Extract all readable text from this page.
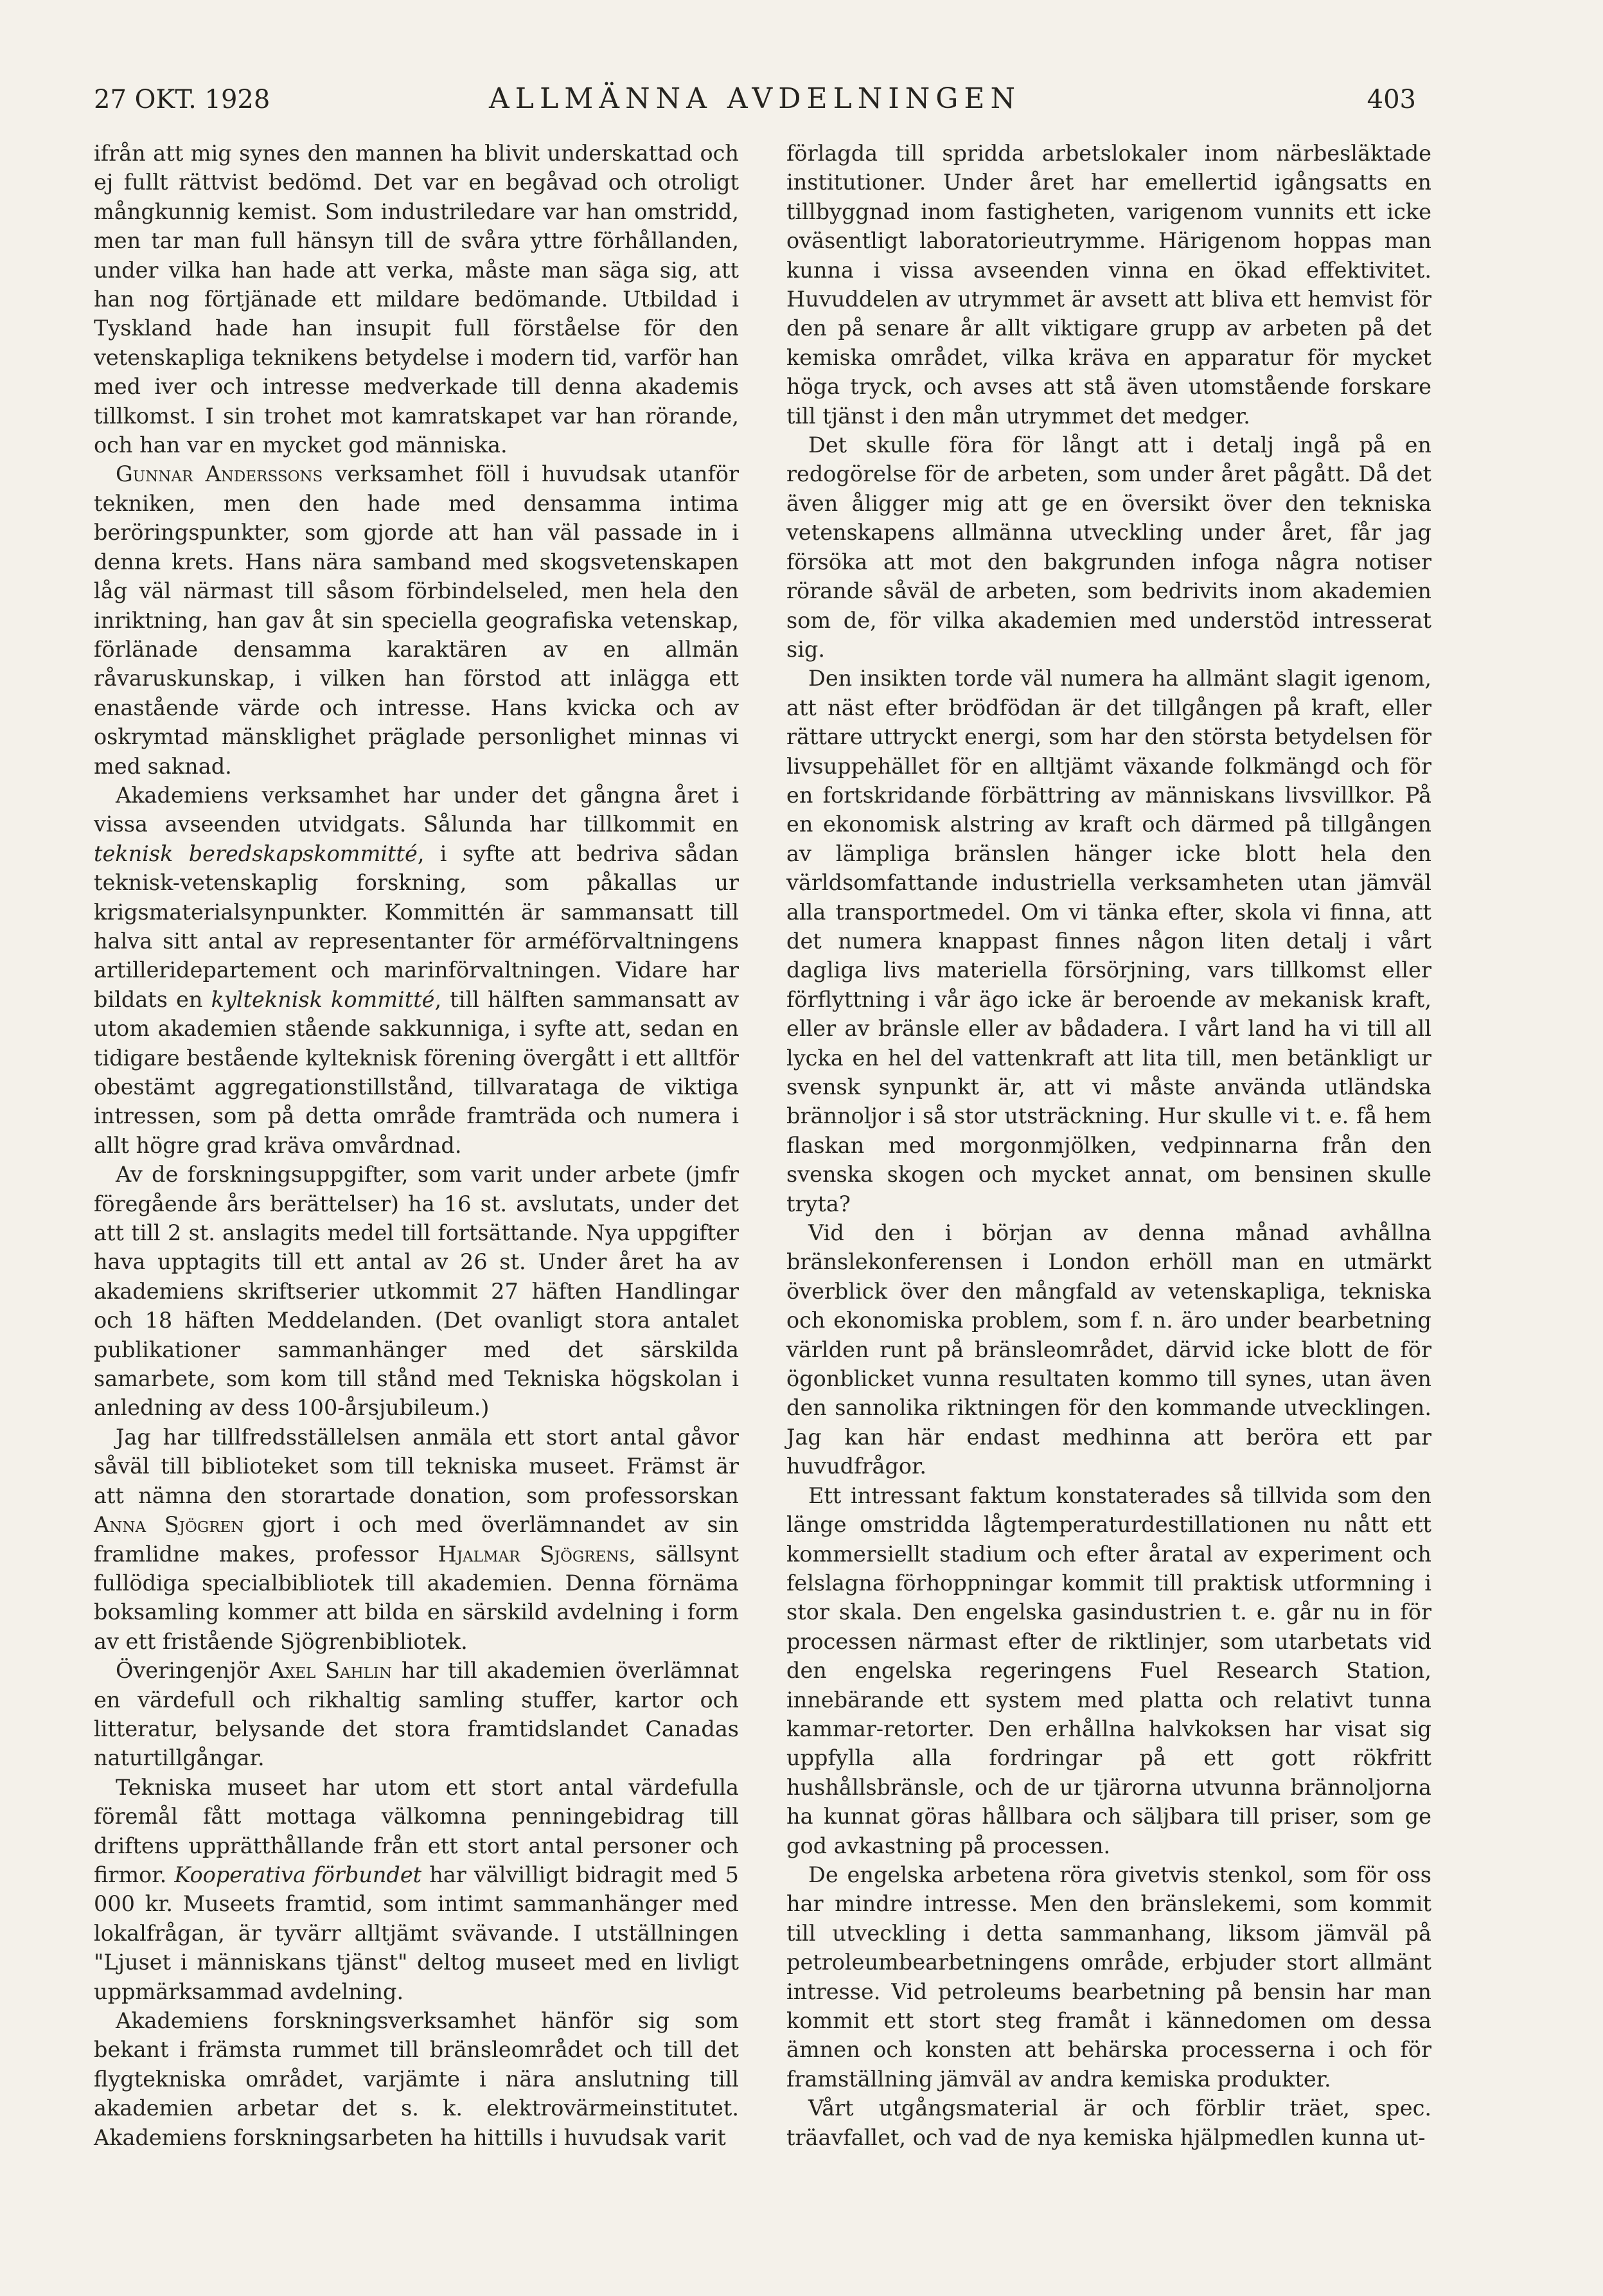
27 OKT. 1928	ALLMÄNNA AVDELNINGEN	403

ifrån att mig synes den mannen ha blivit underskattad och ej fullt rättvist bedömd. Det var en begåvad och otroligt mångkunnig kemist. Som industriledare var han omstridd, men tar man full hänsyn till de svåra yttre förhållanden, under vilka han hade att verka, måste man säga sig, att han nog förtjänade ett mildare bedömande. Utbildad i Tyskland hade han insupit full förståelse för den vetenskapliga teknikens betydelse i modern tid, varför han med iver och intresse medverkade till denna akademis tillkomst. I sin trohet mot kamratskapet var han rörande, och han var en mycket god människa.

Gunnar Anderssons verksamhet föll i huvudsak utanför tekniken, men den hade med densamma intima beröringspunkter, som gjorde att han väl passade in i denna krets. Hans nära samband med skogsvetenskapen låg väl närmast till såsom förbindelseled, men hela den inriktning, han gav åt sin speciella geografiska vetenskap, förlänade densamma karaktären av en allmän råvaruskunskap, i vilken han förstod att inlägga ett enastående värde och intresse. Hans kvicka och av oskrymtad mänsklighet präglade personlighet minnas vi med saknad.

Akademiens verksamhet har under det gångna året i vissa avseenden utvidgats. Sålunda har tillkommit en teknisk beredskapskommitté, i syfte att bedriva sådan teknisk-vetenskaplig forskning, som påkallas ur krigsmaterialsynpunkter. Kommittén är sammansatt till halva sitt antal av representanter för arméförvaltningens artilleridepartement och marinförvaltningen. Vidare har bildats en kylteknisk kommitté, till hälften sammansatt av utom akademien stående sakkunniga, i syfte att, sedan en tidigare bestående kylteknisk förening övergått i ett alltför obestämt aggregationstillstånd, tillvarataga de viktiga intressen, som på detta område framträda och numera i allt högre grad kräva omvårdnad.

Av de forskningsuppgifter, som varit under arbete (jmfr föregående års berättelser) ha 16 st. avslutats, under det att till 2 st. anslagits medel till fortsättande. Nya uppgifter hava upptagits till ett antal av 26 st. Under året ha av akademiens skriftserier utkommit 27 häften Handlingar och 18 häften Meddelanden. (Det ovanligt stora antalet publikationer sammanhänger med det särskilda samarbete, som kom till stånd med Tekniska högskolan i anledning av dess 100-årsjubileum.)

Jag har tillfredsställelsen anmäla ett stort antal gåvor såväl till biblioteket som till tekniska museet. Främst är att nämna den storartade donation, som professorskan Anna Sjögren gjort i och med överlämnandet av sin framlidne makes, professor Hjalmar Sjögrens, sällsynt fullödiga specialbibliotek till akademien. Denna förnäma boksamling kommer att bilda en särskild avdelning i form av ett fristående Sjögrenbibliotek.

Överingenjör Axel Sahlin har till akademien överlämnat en värdefull och rikhaltig samling stuffer, kartor och litteratur, belysande det stora framtidslandet Canadas naturtillgångar.

Tekniska museet har utom ett stort antal värdefulla föremål fått mottaga välkomna penningebidrag till driftens upprätthållande från ett stort antal personer och firmor. Kooperativa förbundet har välvilligt bidragit med 5 000 kr. Museets framtid, som intimt sammanhänger med lokalfrågan, är tyvärr alltjämt svävande. I utställningen "Ljuset i människans tjänst" deltog museet med en livligt uppmärksammad avdelning.

Akademiens forskningsverksamhet hänför sig som bekant i främsta rummet till bränsleområdet och till det flygtekniska området, varjämte i nära anslutning till akademien arbetar det s. k. elektrovärmeinstitutet. Akademiens forskningsarbeten ha hittills i huvudsak varit

förlagda till spridda arbetslokaler inom närbesläktade institutioner. Under året har emellertid igångsatts en tillbyggnad inom fastigheten, varigenom vunnits ett icke oväsentligt laboratorieutrymme. Härigenom hoppas man kunna i vissa avseenden vinna en ökad effektivitet. Huvuddelen av utrymmet är avsett att bliva ett hemvist för den på senare år allt viktigare grupp av arbeten på det kemiska området, vilka kräva en apparatur för mycket höga tryck, och avses att stå även utomstående forskare till tjänst i den mån utrymmet det medger.

Det skulle föra för långt att i detalj ingå på en redogörelse för de arbeten, som under året pågått. Då det även åligger mig att ge en översikt över den tekniska vetenskapens allmänna utveckling under året, får jag försöka att mot den bakgrunden infoga några notiser rörande såväl de arbeten, som bedrivits inom akademien som de, för vilka akademien med understöd intresserat sig.

Den insikten torde väl numera ha allmänt slagit igenom, att näst efter brödfödan är det tillgången på kraft, eller rättare uttryckt energi, som har den största betydelsen för livsuppehället för en alltjämt växande folkmängd och för en fortskridande förbättring av människans livsvillkor. På en ekonomisk alstring av kraft och därmed på tillgången av lämpliga bränslen hänger icke blott hela den världsomfattande industriella verksamheten utan jämväl alla transportmedel. Om vi tänka efter, skola vi finna, att det numera knappast finnes någon liten detalj i vårt dagliga livs materiella försörjning, vars tillkomst eller förflyttning i vår ägo icke är beroende av mekanisk kraft, eller av bränsle eller av bådadera. I vårt land ha vi till all lycka en hel del vattenkraft att lita till, men betänkligt ur svensk synpunkt är, att vi måste använda utländska brännoljor i så stor utsträckning. Hur skulle vi t. e. få hem flaskan med morgonmjölken, vedpinnarna från den svenska skogen och mycket annat, om bensinen skulle tryta?

Vid den i början av denna månad avhållna bränslekonferensen i London erhöll man en utmärkt överblick över den mångfald av vetenskapliga, tekniska och ekonomiska problem, som f. n. äro under bearbetning världen runt på bränsleområdet, därvid icke blott de för ögonblicket vunna resultaten kommo till synes, utan även den sannolika riktningen för den kommande utvecklingen. Jag kan här endast medhinna att beröra ett par huvudfrågor.

Ett intressant faktum konstaterades så tillvida som den länge omstridda lågtemperaturdestillationen nu nått ett kommersiellt stadium och efter åratal av experiment och felslagna förhoppningar kommit till praktisk utformning i stor skala. Den engelska gasindustrien t. e. går nu in för processen närmast efter de riktlinjer, som utarbetats vid den engelska regeringens Fuel Research Station, innebärande ett system med platta och relativt tunna kammar-retorter. Den erhållna halvkoksen har visat sig uppfylla alla fordringar på ett gott rökfritt hushållsbränsle, och de ur tjärorna utvunna brännoljorna ha kunnat göras hållbara och säljbara till priser, som ge god avkastning på processen.

De engelska arbetena röra givetvis stenkol, som för oss har mindre intresse. Men den bränslekemi, som kommit till utveckling i detta sammanhang, liksom jämväl på petroleumbearbetningens område, erbjuder stort allmänt intresse. Vid petroleums bearbetning på bensin har man kommit ett stort steg framåt i kännedomen om dessa ämnen och konsten att behärska processerna i och för framställning jämväl av andra kemiska produkter.

Vårt utgångsmaterial är och förblir träet, spec. träavfallet, och vad de nya kemiska hjälpmedlen kunna ut-
